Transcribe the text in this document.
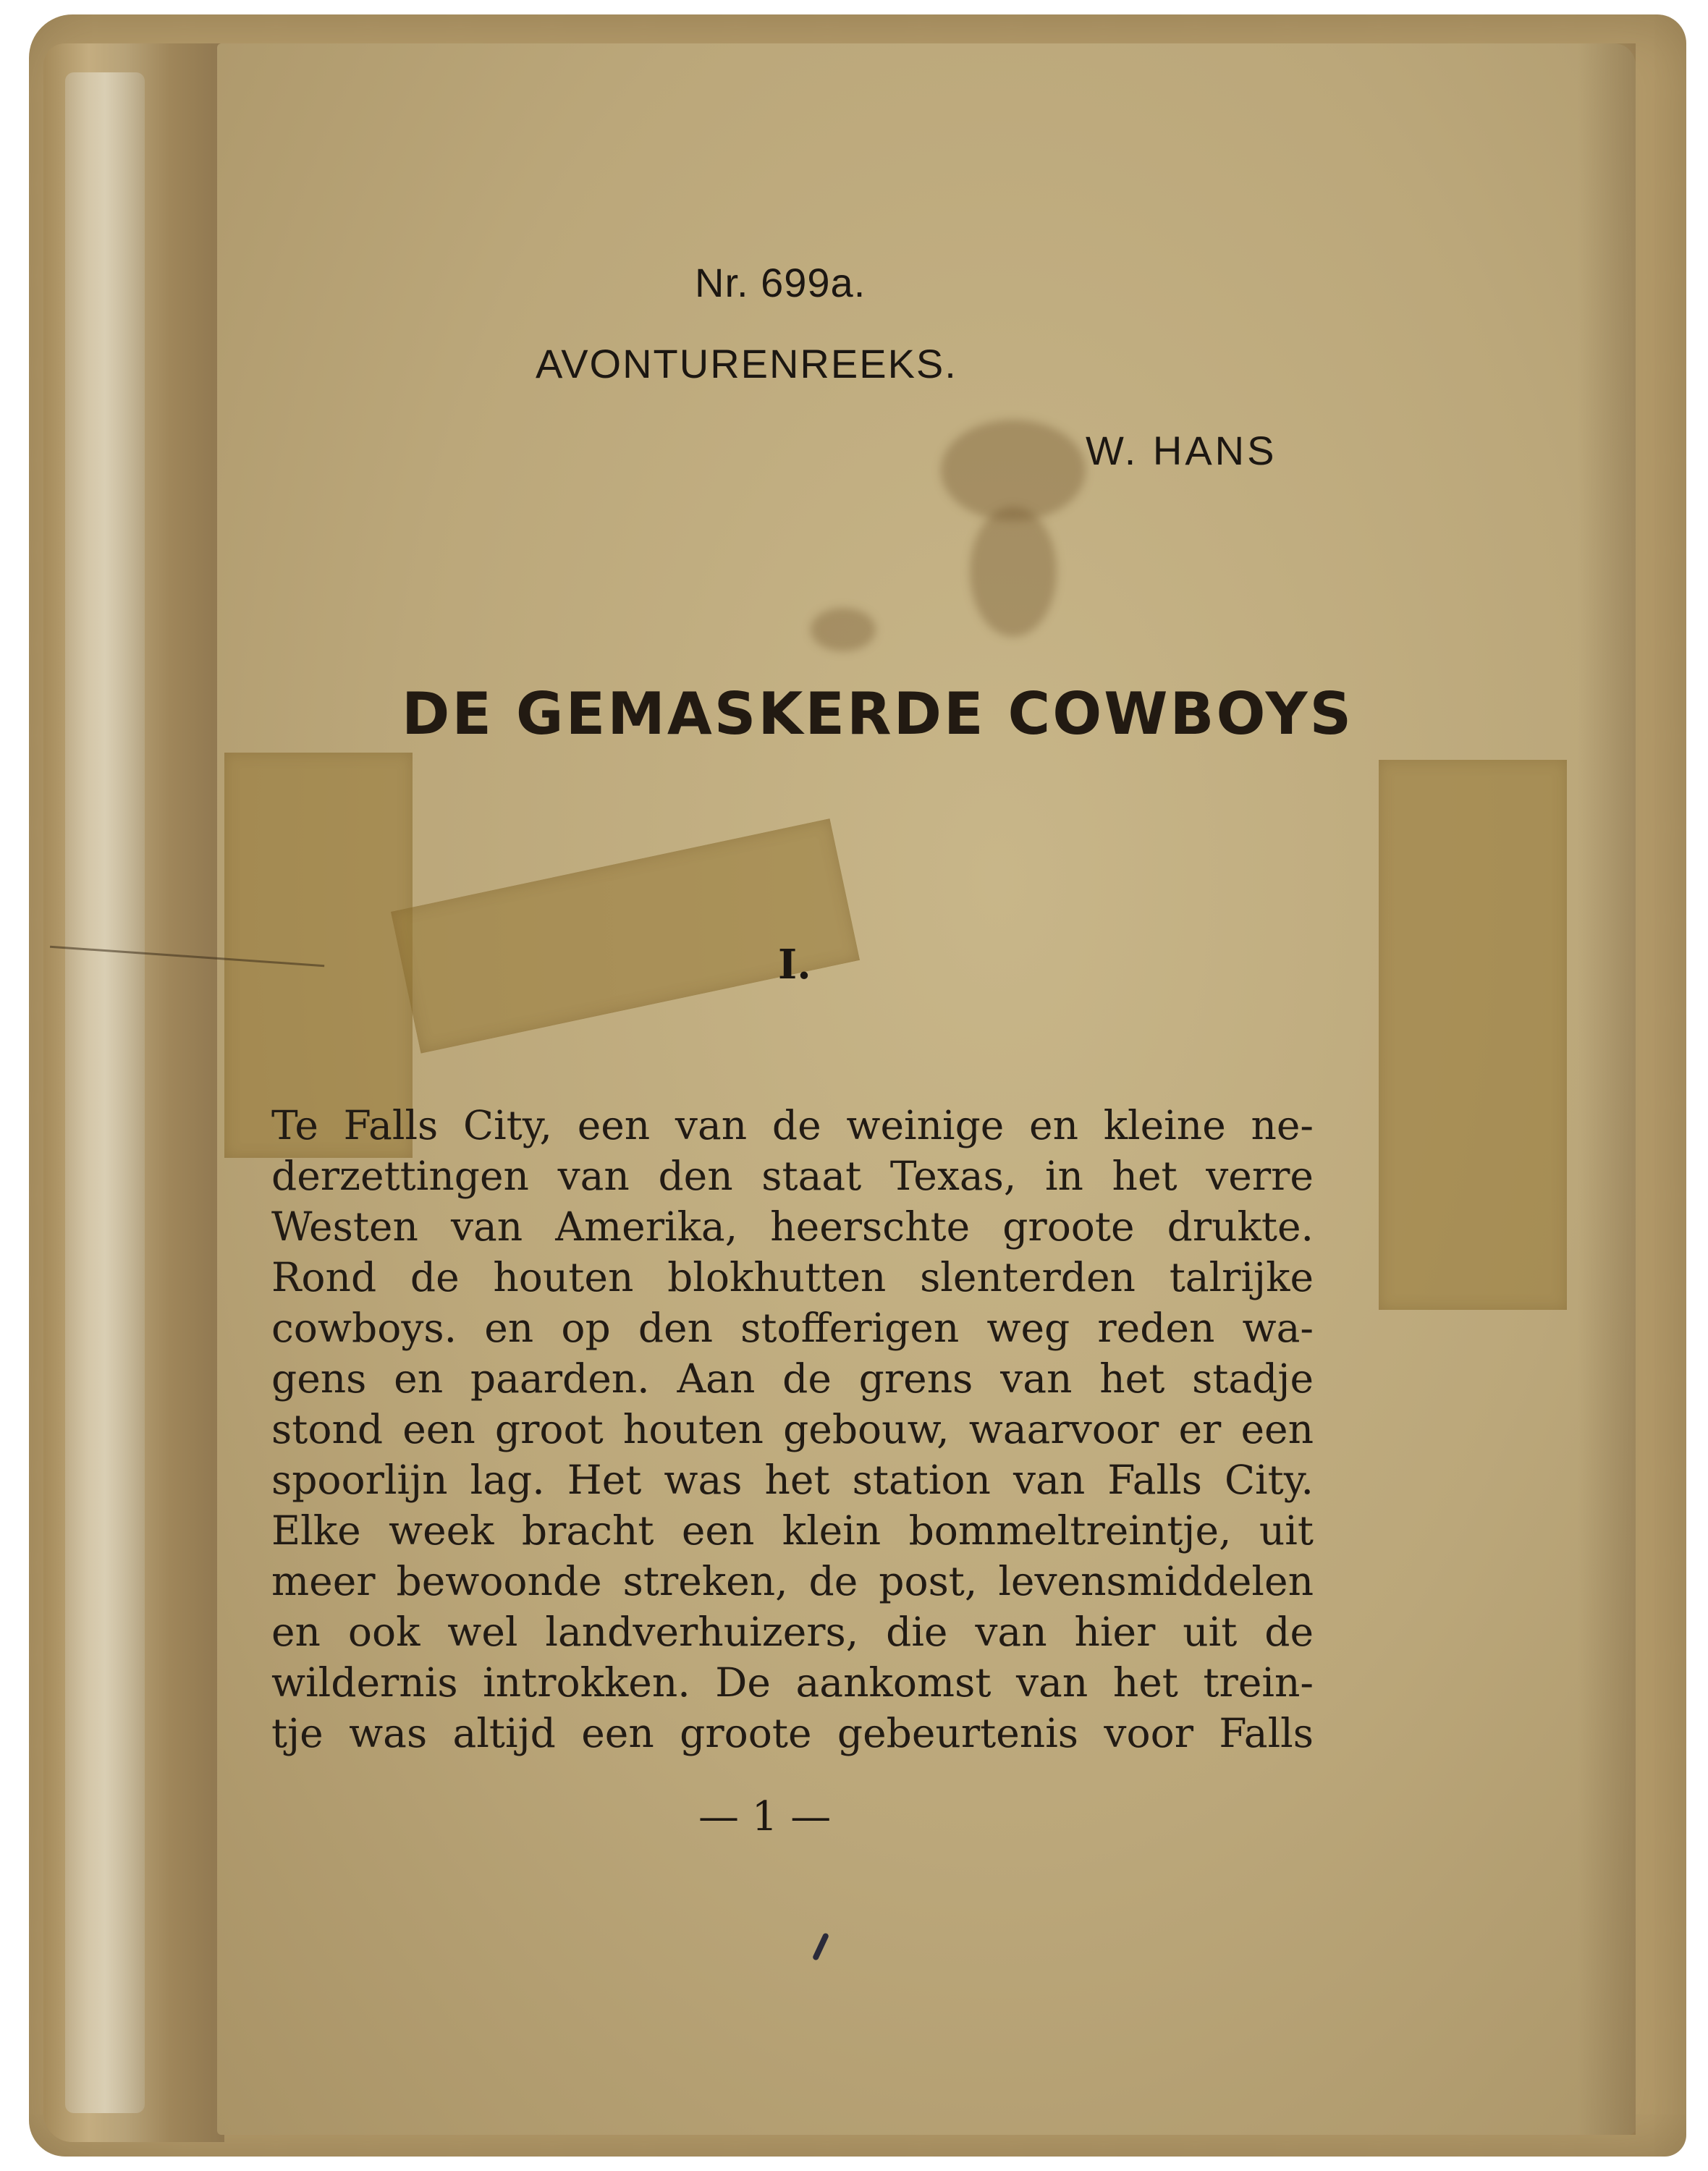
Nr. 699a.
AVONTURENREEKS.
W. HANS
DE GEMASKERDE COWBOYS
I.
Te Falls City, een van de weinige en kleine ne-
derzettingen van den staat Texas, in het verre
Westen van Amerika, heerschte groote drukte.
Rond de houten blokhutten slenterden talrijke
cowboys. en op den stofferigen weg reden wa-
gens en paarden. Aan de grens van het stadje
stond een groot houten gebouw, waarvoor er een
spoorlijn lag. Het was het station van Falls City.
Elke week bracht een klein bommeltreintje, uit
meer bewoonde streken, de post, levensmiddelen
en ook wel landverhuizers, die van hier uit de
wildernis introkken. De aankomst van het trein-
tje was altijd een groote gebeurtenis voor Falls
— 1 —
